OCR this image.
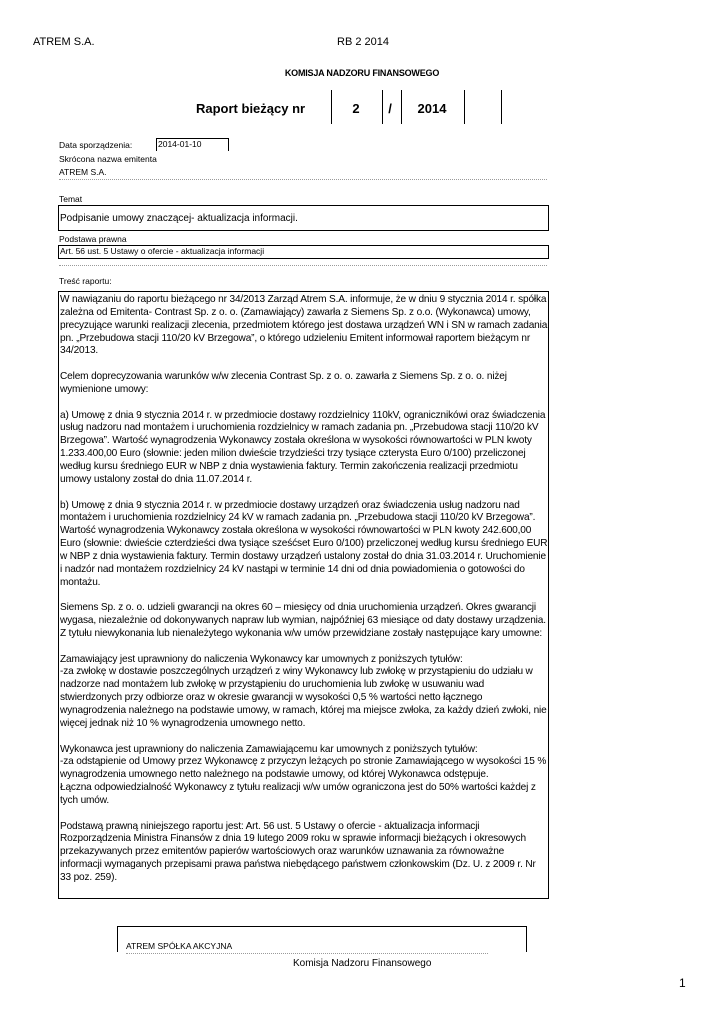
ATREM S.A.	RB 2 2014
KOMISJA NADZORU FINANSOWEGO
Raport bieżący nr	2	/	2014
Data sporządzenia:	2014-01-10
Skrócona nazwa emitenta
ATREM S.A.
Temat
Podpisanie umowy znaczącej- aktualizacja informacji.
Podstawa prawna
Art. 56 ust. 5 Ustawy o ofercie - aktualizacja informacji
Treść raportu:

W nawiązaniu do raportu bieżącego nr 34/2013 Zarząd Atrem S.A. informuje, że w dniu 9 stycznia 2014 r. spółka zależna od Emitenta- Contrast Sp. z o. o. (Zamawiający) zawarła z Siemens Sp. z o.o. (Wykonawca) umowy, precyzujące warunki realizacji zlecenia, przedmiotem którego jest dostawa urządzeń WN i SN w ramach zadania pn. „Przebudowa stacji 110/20 kV Brzegowa”, o którego udzieleniu Emitent informował raportem bieżącym nr 34/2013.

Celem doprecyzowania warunków w/w zlecenia Contrast Sp. z o. o. zawarła z Siemens Sp. z o. o. niżej wymienione umowy:

a) Umowę z dnia 9 stycznia 2014 r. w przedmiocie dostawy rozdzielnicy 110kV, ogranicznikówi oraz świadczenia usług nadzoru nad montażem i uruchomienia rozdzielnicy w ramach zadania pn. „Przebudowa stacji 110/20 kV Brzegowa”. Wartość wynagrodzenia Wykonawcy została określona w wysokości równowartości w PLN kwoty 1.233.400,00 Euro (słownie: jeden milion dwieście trzydzieści trzy tysiące czterysta Euro 0/100) przeliczonej według kursu średniego EUR w NBP z dnia wystawienia faktury. Termin zakończenia realizacji przedmiotu umowy ustalony został do dnia 11.07.2014 r.

b) Umowę z dnia 9 stycznia 2014 r. w przedmiocie dostawy urządzeń oraz świadczenia usług nadzoru nad montażem i uruchomienia rozdzielnicy 24 kV w ramach zadania pn. „Przebudowa stacji 110/20 kV Brzegowa”. Wartość wynagrodzenia Wykonawcy została określona w wysokości równowartości w PLN kwoty 242.600,00 Euro (słownie: dwieście czterdzieści dwa tysiące sześćset Euro 0/100) przeliczonej według kursu średniego EUR w NBP z dnia wystawienia faktury. Termin dostawy urządzeń ustalony został do dnia 31.03.2014 r. Uruchomienie i nadzór nad montażem rozdzielnicy 24 kV nastąpi w terminie 14 dni od dnia powiadomienia o gotowości do montażu.

Siemens Sp. z o. o. udzieli gwarancji na okres 60 – miesięcy od dnia uruchomienia urządzeń. Okres gwarancji wygasa, niezależnie od dokonywanych napraw lub wymian, najpóźniej 63 miesiące od daty dostawy urządzenia. Z tytułu niewykonania lub nienależytego wykonania w/w umów przewidziane zostały następujące kary umowne:

Zamawiający jest uprawniony do naliczenia Wykonawcy kar umownych z poniższych tytułów:
-za zwłokę w dostawie poszczególnych urządzeń z winy Wykonawcy lub zwłokę w przystąpieniu do udziału w nadzorze nad montażem lub zwłokę w przystąpieniu do uruchomienia lub zwłokę w usuwaniu wad stwierdzonych przy odbiorze oraz w okresie gwarancji w wysokości 0,5 % wartości netto łącznego wynagrodzenia należnego na podstawie umowy, w ramach, której ma miejsce zwłoka, za każdy dzień zwłoki, nie więcej jednak niż 10 % wynagrodzenia umownego netto.

Wykonawca jest uprawniony do naliczenia Zamawiającemu kar umownych z poniższych tytułów:
-za odstąpienie od Umowy przez Wykonawcę z przyczyn leżących po stronie Zamawiającego w wysokości 15 % wynagrodzenia umownego netto należnego na podstawie umowy, od której Wykonawca odstępuje.
Łączna odpowiedzialność Wykonawcy z tytułu realizacji w/w umów ograniczona jest do 50% wartości każdej z tych umów.

Podstawą prawną niniejszego raportu jest: Art. 56 ust. 5 Ustawy o ofercie - aktualizacja informacji Rozporządzenia Ministra Finansów z dnia 19 lutego 2009 roku w sprawie informacji bieżących i okresowych przekazywanych przez emitentów papierów wartościowych oraz warunków uznawania za równoważne informacji wymaganych przepisami prawa państwa niebędącego państwem członkowskim (Dz. U. z 2009 r. Nr 33 poz. 259).

ATREM SPÓŁKA AKCYJNA
Komisja Nadzoru Finansowego
1
